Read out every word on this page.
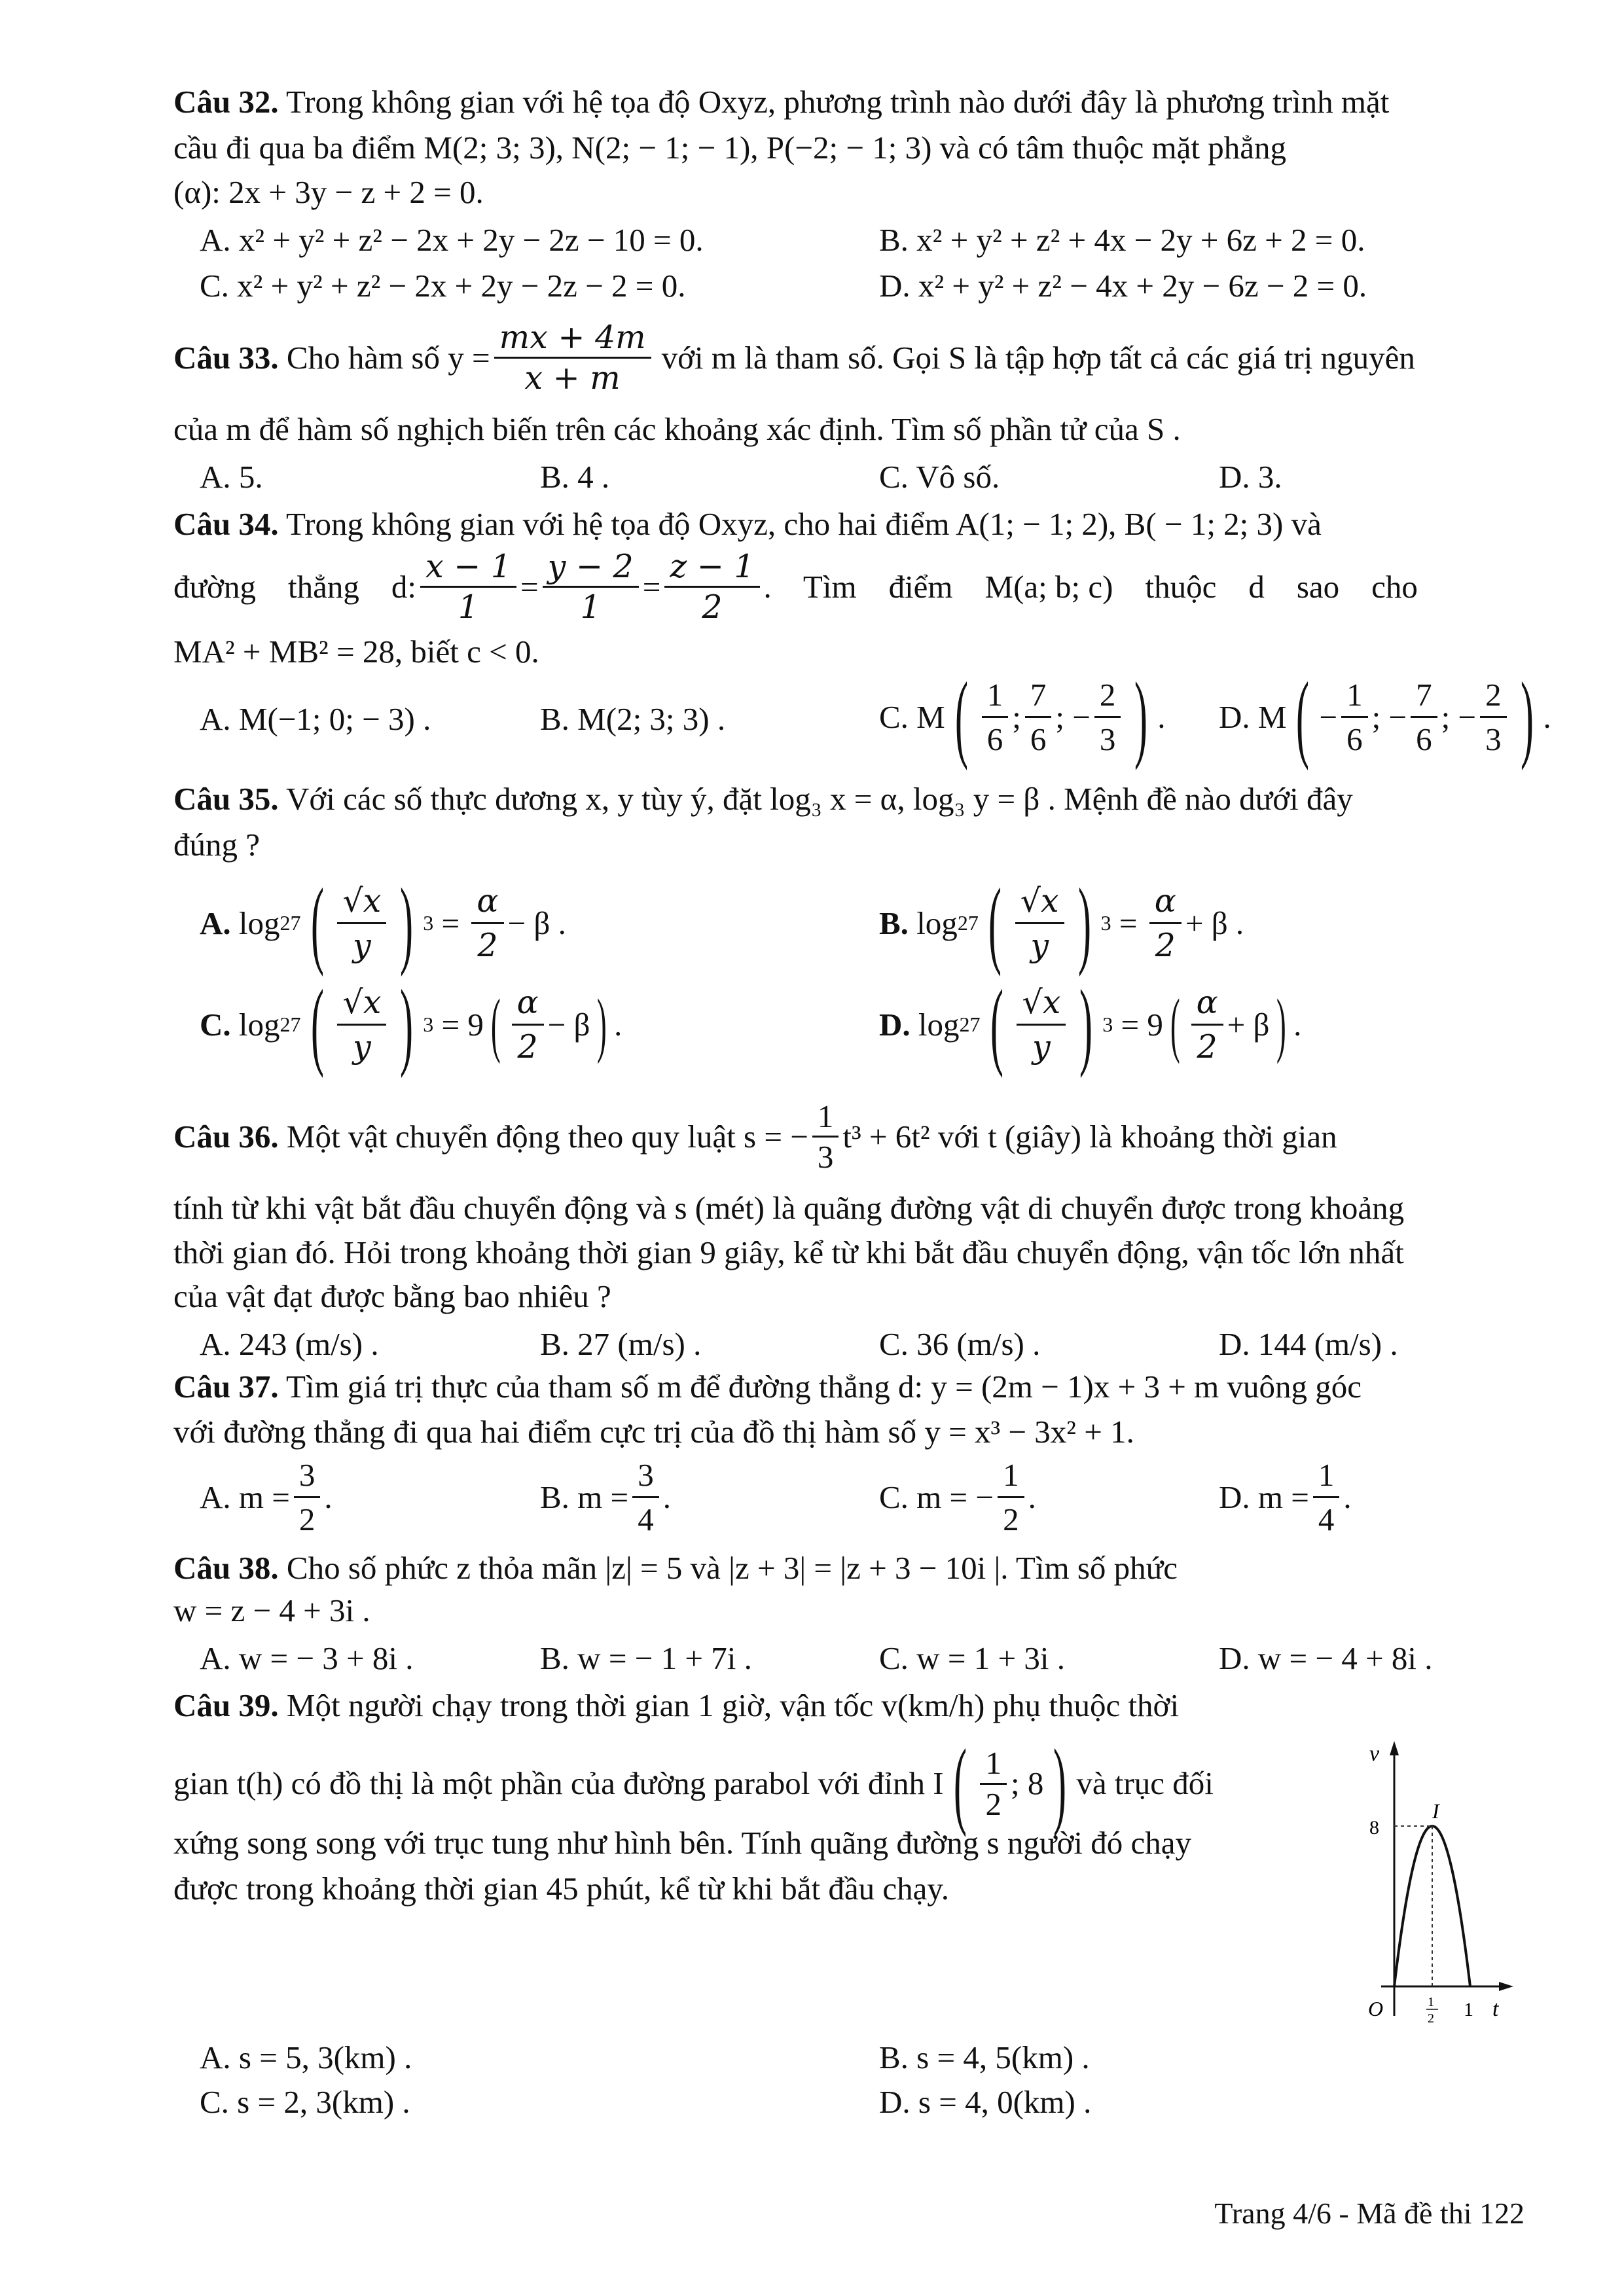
Câu 32. Trong không gian với hệ tọa độ Oxyz, phương trình nào dưới đây là phương trình mặt
cầu đi qua ba điểm M(2; 3; 3), N(2; − 1; − 1), P(−2; − 1; 3) và có tâm thuộc mặt phẳng
(α): 2x + 3y − z + 2 = 0.
A. x² + y² + z² − 2x + 2y − 2z − 10 = 0.	B. x² + y² + z² + 4x − 2y + 6z + 2 = 0.
C. x² + y² + z² − 2x + 2y − 2z − 2 = 0.	D. x² + y² + z² − 4x + 2y − 6z − 2 = 0.
Câu 33. Cho hàm số $y = \frac{mx + 4m}{x + m}$ với m là tham số. Gọi S là tập hợp tất cả các giá trị nguyên
của m để hàm số nghịch biến trên các khoảng xác định. Tìm số phần tử của S .
A. 5.	B. 4 .	C. Vô số.	D. 3.
Câu 34. Trong không gian với hệ tọa độ Oxyz, cho hai điểm A(1; − 1; 2), B( − 1; 2; 3) và
đường    thẳng    d: $\frac{x - 1}{1} = \frac{y - 2}{1} = \frac{z - 1}{2}$ .    Tìm    điểm    M(a; b; c)    thuộc    d    sao    cho
MA² + MB² = 28, biết c < 0.
A. M(−1; 0; − 3) .	B. M(2; 3; 3) .	C. M ( $\frac{1}{6}$ ; $\frac{7}{6}$ ; − $\frac{2}{3}$ ) . D. M ( − $\frac{1}{6}$ ; − $\frac{7}{6}$ ; − $\frac{2}{3}$ ) .
Câu 35. Với các số thực dương x, y tùy ý, đặt log₃ x = α, log₃ y = β . Mệnh đề nào dưới đây
đúng ?
A.
log 27 ( $\frac{√x}{y}$ ) $3 = \frac{\alpha}{2} - \beta$ .	B.
log 27 ( $\frac{√x}{y}$ ) $3 = \frac{\alpha}{2} + \beta$ .
C.
log 27 ( $\frac{√x}{y}$ ) 3
= 9 ( $\frac{\alpha}{2} - \beta$ ) .	D.
log 27 ( $\frac{√x}{y}$ ) 3
= 9 ( $\frac{\alpha}{2} + \beta$ ) .
Câu 36. Một vật chuyển động theo quy luật s = − $\frac{1}{3} t^3 + 6t^2$ với t (giây) là khoảng thời gian
tính từ khi vật bắt đầu chuyển động và s (mét) là quãng đường vật di chuyển được trong khoảng
thời gian đó. Hỏi trong khoảng thời gian 9 giây, kể từ khi bắt đầu chuyển động, vận tốc lớn nhất
của vật đạt được bằng bao nhiêu ?
A. 243 (m/s) .	B. 27 (m/s) .	C. 36 (m/s) .	D. 144 (m/s) .
Câu 37. Tìm giá trị thực của tham số m để đường thẳng d: y = (2m − 1)x + 3 + m vuông góc
với đường thẳng đi qua hai điểm cực trị của đồ thị hàm số y = x³ − 3x² + 1.
A. $m = \frac{3}{2}$ .	B. $m = \frac{3}{4}$ .	C. m = − $\frac{1}{2}$ .	D. $m = \frac{1}{4}$ .
Câu 38. Cho số phức z thỏa mãn |z| = 5 và |z + 3| = |z + 3 − 10i |. Tìm số phức
w = z − 4 + 3i .
A. w = − 3 + 8i .	B. w = − 1 + 7i .	C. w = 1 + 3i .	D. w = − 4 + 8i .
Câu 39. Một người chạy trong thời gian 1 giờ, vận tốc v(km/h) phụ thuộc thời
gian t(h) có đồ thị là một phần của đường parabol với đỉnh I ( $\frac{1}{2}$ ; 8 ) và trục đối
xứng song song với trục tung như hình bên. Tính quãng đường s người đó chạy
được trong khoảng thời gian 45 phút, kể từ khi bắt đầu chạy.
v
8
I
O	1
2 1 t
A. s = 5, 3(km) .	B. s = 4, 5(km) .
C. s = 2, 3(km) .	D. s = 4, 0(km) .
Trang 4/6 - Mã đề thi 122
